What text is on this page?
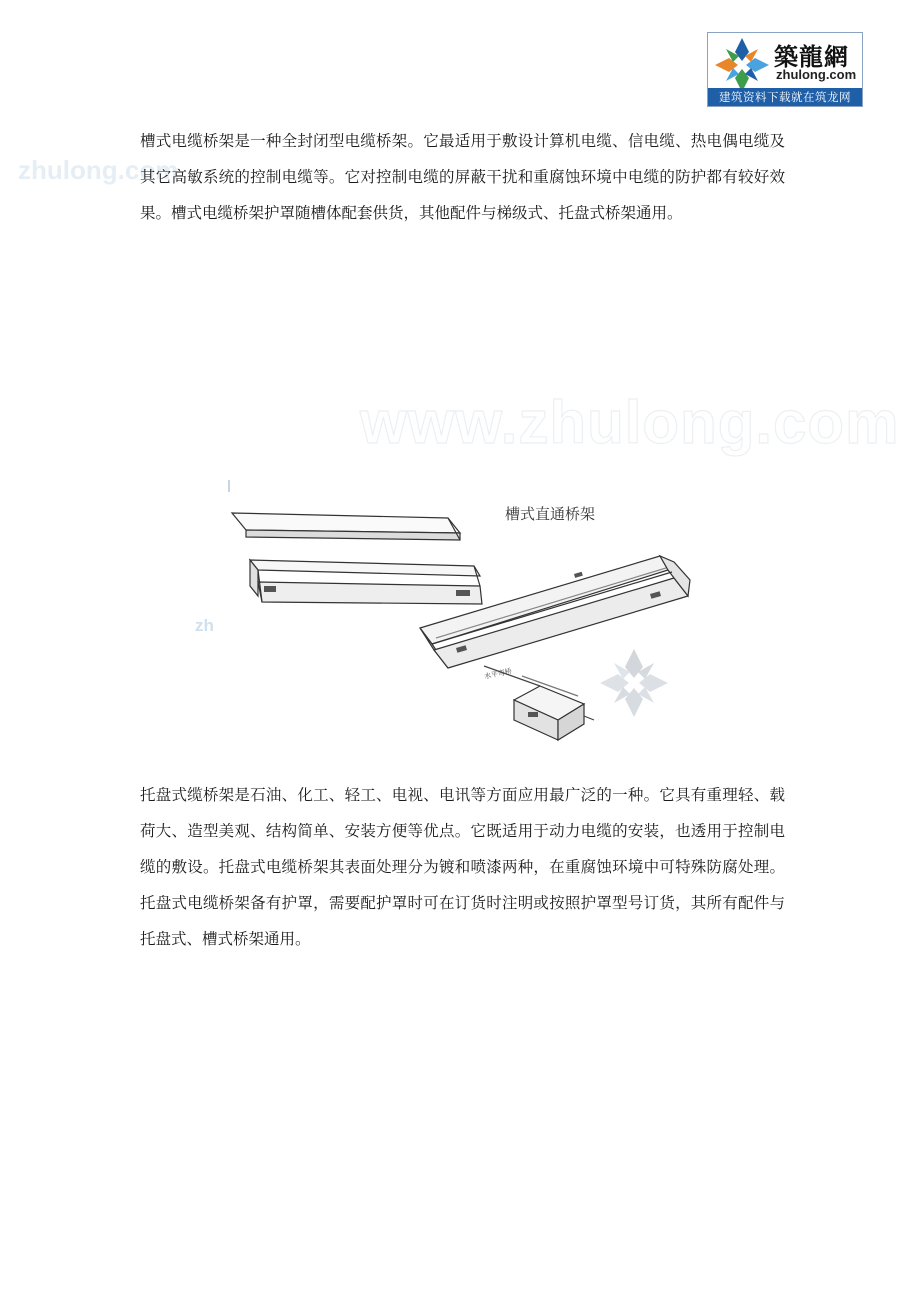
zhulong.com
www.zhulong.com
zh
築龍網
zhulong.com
建筑资料下载就在筑龙网

槽式电缆桥架是一种全封闭型电缆桥架。它最适用于敷设计算机电缆、信电缆、热电偶电缆及其它高敏系统的控制电缆等。它对控制电缆的屏蔽干扰和重腐蚀环境中电缆的防护都有较好效果。槽式电缆桥架护罩随槽体配套供货，其他配件与梯级式、托盘式桥架通用。

槽式直通桥架
水平弯桥

托盘式缆桥架是石油、化工、轻工、电视、电讯等方面应用最广泛的一种。它具有重理轻、载荷大、造型美观、结构简单、安装方便等优点。它既适用于动力电缆的安装，也透用于控制电缆的敷设。托盘式电缆桥架其表面处理分为镀和喷漆两种，在重腐蚀环境中可特殊防腐处理。托盘式电缆桥架备有护罩，需要配护罩时可在订货时注明或按照护罩型号订货，其所有配件与托盘式、槽式桥架通用。
